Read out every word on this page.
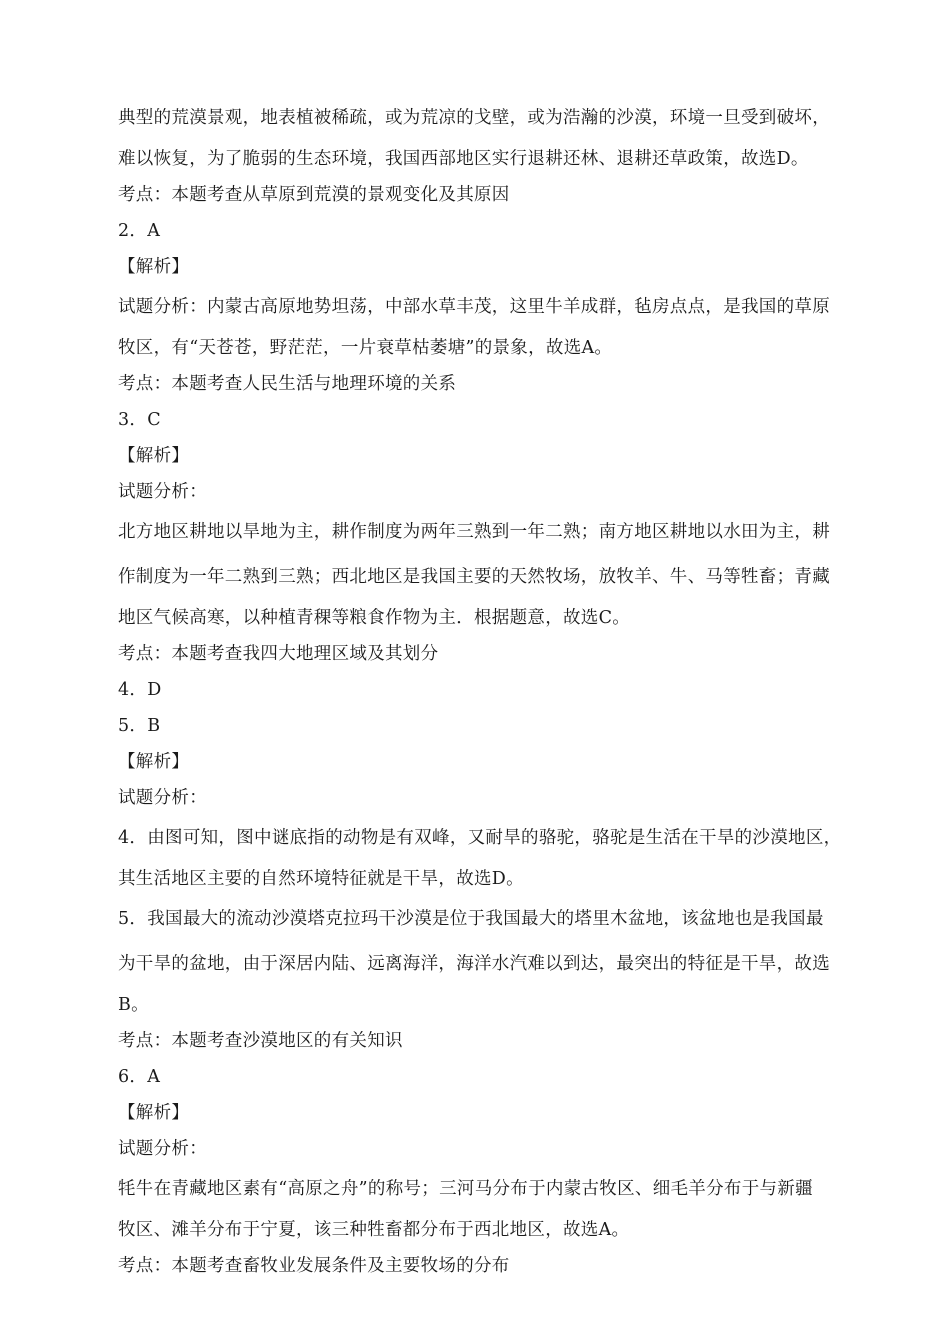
典型的荒漠景观，地表植被稀疏，或为荒凉的戈壁，或为浩瀚的沙漠，环境一旦受到破坏，
难以恢复，为了脆弱的生态环境，我国西部地区实行退耕还林、退耕还草政策，故选D。
考点：本题考查从草原到荒漠的景观变化及其原因
2．A
【解析】
试题分析：内蒙古高原地势坦荡，中部水草丰茂，这里牛羊成群，毡房点点，是我国的草原
牧区，有“天苍苍，野茫茫，一片衰草枯萎塘”的景象，故选A。
考点：本题考查人民生活与地理环境的关系
3．C
【解析】
试题分析：
北方地区耕地以旱地为主，耕作制度为两年三熟到一年二熟；南方地区耕地以水田为主，耕
作制度为一年二熟到三熟；西北地区是我国主要的天然牧场，放牧羊、牛、马等牲畜；青藏
地区气候高寒，以种植青稞等粮食作物为主．根据题意，故选C。
考点：本题考查我四大地理区域及其划分
4．D
5．B
【解析】
试题分析：
4．由图可知，图中谜底指的动物是有双峰，又耐旱的骆驼，骆驼是生活在干旱的沙漠地区，
其生活地区主要的自然环境特征就是干旱，故选D。
5．我国最大的流动沙漠塔克拉玛干沙漠是位于我国最大的塔里木盆地，该盆地也是我国最
为干旱的盆地，由于深居内陆、远离海洋，海洋水汽难以到达，最突出的特征是干旱，故选
B。
考点：本题考查沙漠地区的有关知识
6．A
【解析】
试题分析：
牦牛在青藏地区素有“高原之舟”的称号；三河马分布于内蒙古牧区、细毛羊分布于与新疆
牧区、滩羊分布于宁夏，该三种牲畜都分布于西北地区，故选A。
考点：本题考查畜牧业发展条件及主要牧场的分布
